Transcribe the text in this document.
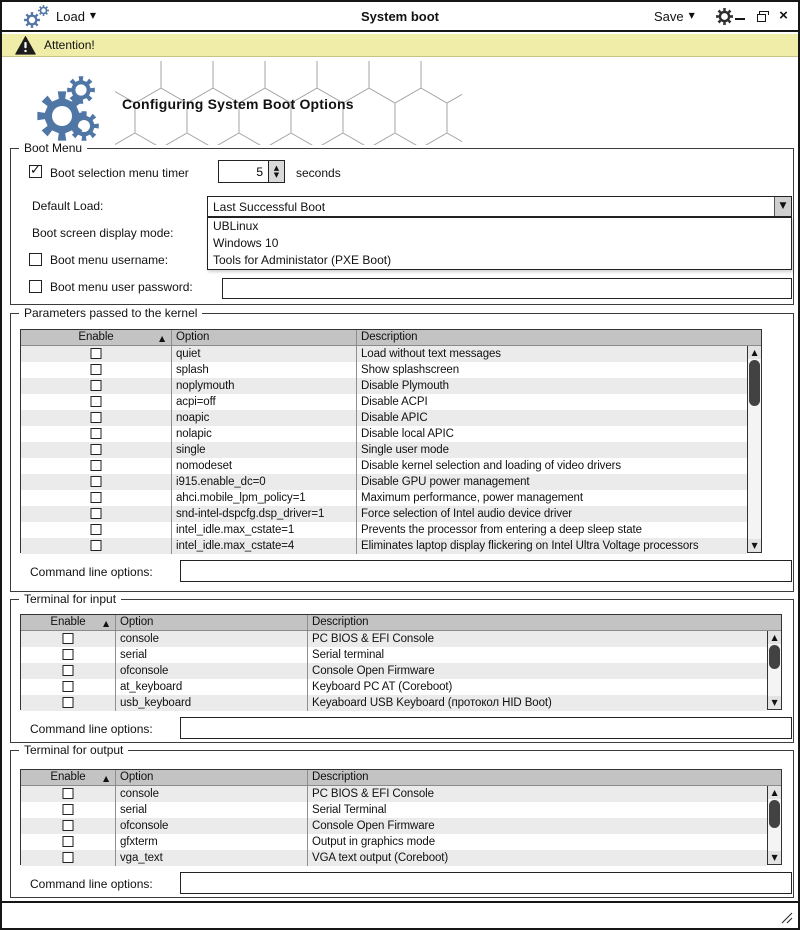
Load ▼	System boot	Save ▼	×
Attention!
Configuring System Boot Options
Boot Menu
✓
Boot selection menu timer
5	▲
▼ seconds
Default Load:	Last Successful Boot	▼
Boot screen display mode:	UBLinux
Windows 10
Tools for Administator (PXE Boot)
Boot menu username:
Boot menu user password:
Parameters passed to the kernel
Enable	▲ Option	Description
quiet	Load without text messages
splash	Show splashscreen
noplymouth	Disable Plymouth
acpi=off	Disable ACPI
noapic	Disable APIC
nolapic	Disable local APIC
single	Single user mode
nomodeset	Disable kernel selection and loading of video drivers
i915.enable_dc=0	Disable GPU power management
ahci.mobile_lpm_policy=1	Maximum performance, power management
snd-intel-dspcfg.dsp_driver=1	Force selection of Intel audio device driver
intel_idle.max_cstate=1	Prevents the processor from entering a deep sleep state
intel_idle.max_cstate=4	Eliminates laptop display flickering on Intel Ultra Voltage processors
▲
▼
Command line options:
Terminal for input
Enable ▲ Option	Description
console	PC BIOS & EFI Console
serial	Serial terminal
ofconsole	Console Open Firmware
at_keyboard	Keyboard PC AT (Coreboot)
usb_keyboard	Keyaboard USB Keyboard (протокол HID Boot)
▲
▼
Command line options:
Terminal for output
Enable ▲ Option	Description
console	PC BIOS & EFI Console
serial	Serial Terminal
ofconsole	Console Open Firmware
gfxterm	Output in graphics mode
vga_text	VGA text output (Coreboot)
▲
▼
Command line options:
